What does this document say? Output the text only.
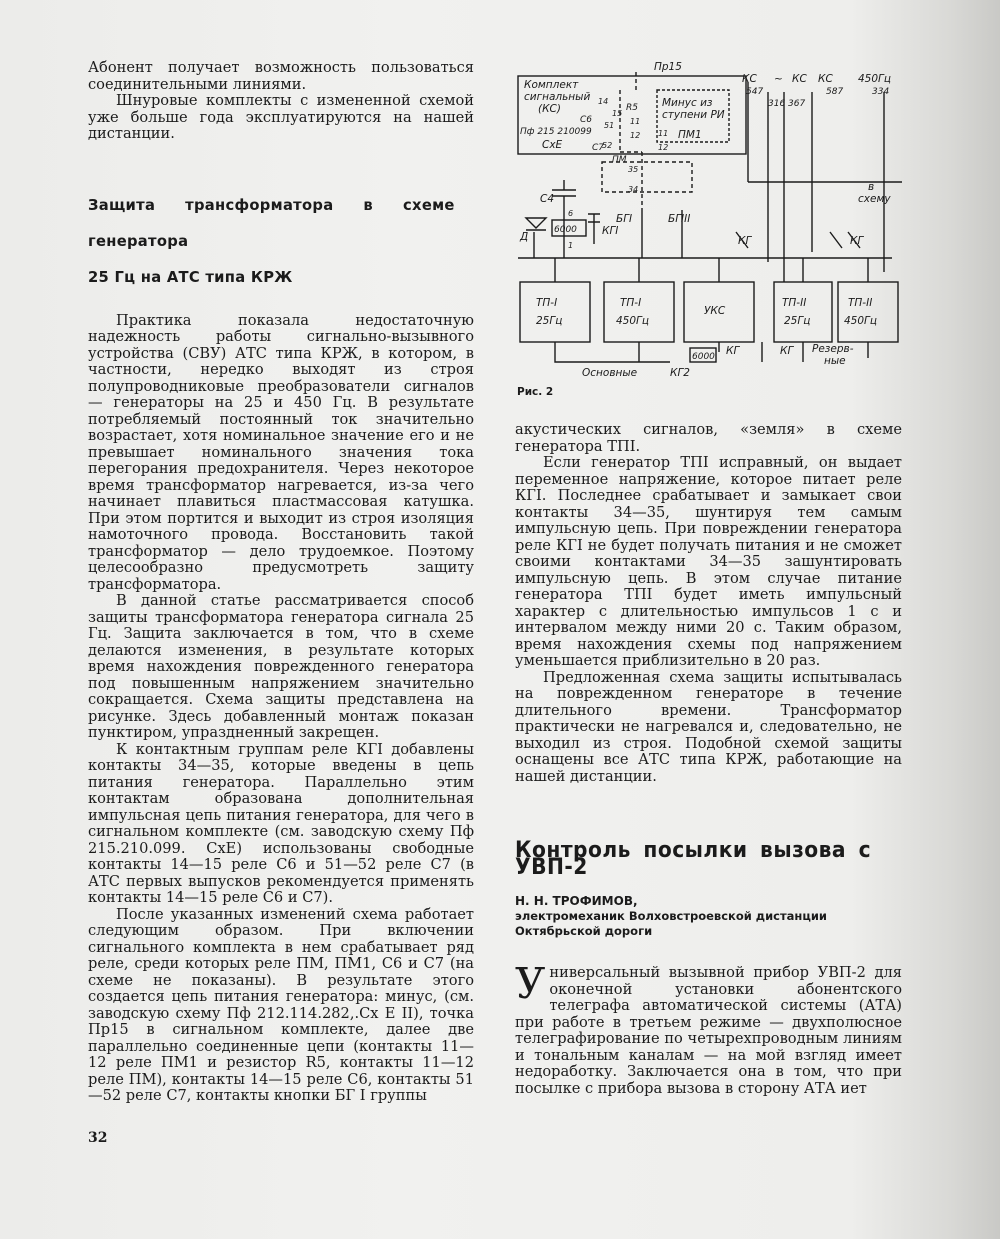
Абонент получает возможность пользоваться соединительными линиями.

Шнуровые комплекты с измененной схемой уже больше года эксплуатируются на нашей дистанции.

Защита трансформатора в схеме генератора
25 Гц на АТС типа КРЖ

Практика показала недостаточную надежность работы сигнально-вызывного устройства (СВУ) АТС типа КРЖ, в котором, в частности, нередко выходят из строя полупроводниковые преобразователи сигналов — генераторы на 25 и 450 Гц. В результате потребляемый постоянный ток значительно возрастает, хотя номинальное значение его и не превышает номинального значения тока перегорания предохранителя. Через некоторое время трансформатор нагревается, из-за чего начинает плавиться пластмассовая катушка. При этом портится и выходит из строя изоляция намоточного провода. Восстановить такой трансформатор — дело трудоемкое. Поэтому целесообразно предусмотреть защиту трансформатора.

В данной статье рассматривается способ защиты трансформатора генератора сигнала 25 Гц. Защита заключается в том, что в схеме делаются изменения, в результате которых время нахождения поврежденного генератора под повышенным напряжением значительно сокращается. Схема защиты представлена на рисунке. Здесь добавленный монтаж показан пунктиром, упраздненный закрещен.

К контактным группам реле КГI добавлены контакты 34—35, которые введены в цепь питания генератора. Параллельно этим контактам образована дополнительная импульсная цепь питания генератора, для чего в сигнальном комплекте (см. заводскую схему Пф 215.210.099. СхЕ) использованы свободные контакты 14—15 реле С6 и 51—52 реле С7 (в АТС первых выпусков рекомендуется применять контакты 14—15 реле С6 и С7).

После указанных изменений схема работает следующим образом. При включении сигнального комплекта в нем срабатывает ряд реле, среди которых реле ПМ, ПМ1, С6 и С7 (на схеме не показаны). В результате этого создается цепь питания генератора: минус, (см. заводскую схему Пф 212.114.282,.Сх Е II), точка Пр15 в сигнальном комплекте, далее две параллельно соединенные цепи (контакты 11—12 реле ПМ1 и резистор R5, контакты 11—12 реле ПМ), контакты 14—15 реле С6, контакты 51—52 реле С7, контакты кнопки БГ I группы

32
Пр15
Комплект
сигнальный
(КС)
Пф 215 210099
СхЕ
Минус из
ступени РИ
ПМ1
ПМ
С6
С7
R5
14
15
51
52
11
12 11
12
35
34
6
1
С4
Д
6000 КГI
БГI	БГIII
КС ~ КС КС 450Гц
547
316 367
587	334
в
схему
КГ	КГ
ТП-I
25Гц
ТП-I
450Гц
УКС
ТП-II
25Гц
ТП-II
450Гц
Основные
Резерв-
ные
КГ2
6000 КГ	КГ
Рис. 2

акустических сигналов, «земля» в схеме генератора ТПI.

Если генератор ТПI исправный, он выдает переменное напряжение, которое питает реле КГI. Последнее срабатывает и замыкает свои контакты 34—35, шунтируя тем самым импульсную цепь. При повреждении генератора реле КГI не будет получать питания и не сможет своими контактами 34—35 зашунтировать импульсную цепь. В этом случае питание генератора ТПI будет иметь импульсный характер с длительностью импульсов 1 с и интервалом между ними 20 с. Таким образом, время нахождения схемы под напряжением уменьшается приблизительно в 20 раз.

Предложенная схема защиты испытывалась на поврежденном генераторе в течение длительного времени. Трансформатор практически не нагревался и, следовательно, не выходил из строя. Подобной схемой защиты оснащены все АТС типа КРЖ, работающие на нашей дистанции.

Контроль посылки вызова с УВП-2
Н. Н. ТРОФИМОВ,
электромеханик Волховстроевской дистанции
Октябрьской дороги

Универсальный вызывной прибор УВП-2 для оконечной установки абонентского телеграфа автоматической системы (АТА) при работе в третьем режиме — двухполюсное телеграфирование по четырехпроводным линиям и тональным каналам — на мой взгляд имеет недоработку. Заключается она в том, что при посылке с прибора вызова в сторону АТА иет
